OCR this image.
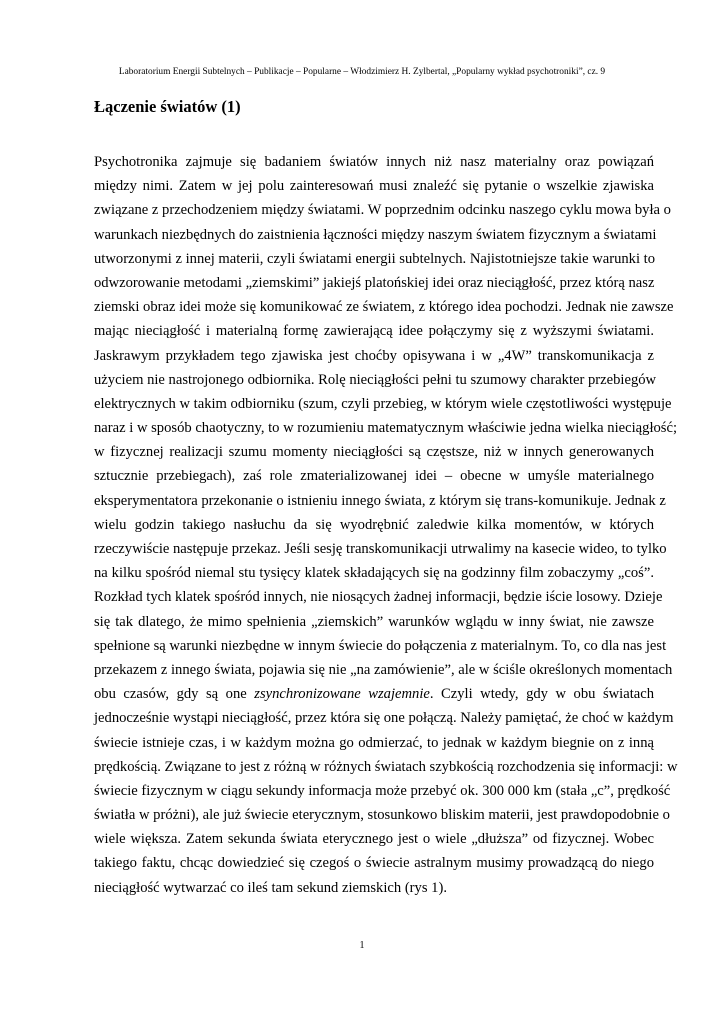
Laboratorium Energii Subtelnych – Publikacje – Popularne – Włodzimierz H. Zylbertal, „Popularny wykład psychotroniki”, cz. 9
Łączenie światów (1)
Psychotronika zajmuje się badaniem światów innych niż nasz materialny oraz powiązań
między nimi. Zatem w jej polu zainteresowań musi znaleźć się pytanie o wszelkie zjawiska
związane z przechodzeniem między światami. W poprzednim odcinku naszego cyklu mowa była o
warunkach niezbędnych do zaistnienia łączności między naszym światem fizycznym a światami
utworzonymi z innej materii, czyli światami energii subtelnych. Najistotniejsze takie warunki to
odwzorowanie metodami „ziemskimi” jakiejś platońskiej idei oraz nieciągłość, przez którą nasz
ziemski obraz idei może się komunikować ze światem, z którego idea pochodzi. Jednak nie zawsze
mając nieciągłość i materialną formę zawierającą idee połączymy się z wyższymi światami.
Jaskrawym przykładem tego zjawiska jest choćby opisywana i w „4W” transkomunikacja z
użyciem nie nastrojonego odbiornika. Rolę nieciągłości pełni tu szumowy charakter przebiegów
elektrycznych w takim odbiorniku (szum, czyli przebieg, w którym wiele częstotliwości występuje
naraz i w sposób chaotyczny, to w rozumieniu matematycznym właściwie jedna wielka nieciągłość;
w fizycznej realizacji szumu momenty nieciągłości są częstsze, niż w innych generowanych
sztucznie przebiegach), zaś role zmaterializowanej idei – obecne w umyśle materialnego
eksperymentatora przekonanie o istnieniu innego świata, z którym się trans-komunikuje. Jednak z
wielu godzin takiego nasłuchu da się wyodrębnić zaledwie kilka momentów, w których
rzeczywiście następuje przekaz. Jeśli sesję transkomunikacji utrwalimy na kasecie wideo, to tylko
na kilku spośród niemal stu tysięcy klatek składających się na godzinny film zobaczymy „coś”.
Rozkład tych klatek spośród innych, nie niosących żadnej informacji, będzie iście losowy. Dzieje
się tak dlatego, że mimo spełnienia „ziemskich” warunków wglądu w inny świat, nie zawsze
spełnione są warunki niezbędne w innym świecie do połączenia z materialnym. To, co dla nas jest
przekazem z innego świata, pojawia się nie „na zamówienie”, ale w ściśle określonych momentach
obu czasów, gdy są one zsynchronizowane wzajemnie. Czyli wtedy, gdy w obu światach
jednocześnie wystąpi nieciągłość, przez która się one połączą. Należy pamiętać, że choć w każdym
świecie istnieje czas, i w każdym można go odmierzać, to jednak w każdym biegnie on z inną
prędkością. Związane to jest z różną w różnych światach szybkością rozchodzenia się informacji: w
świecie fizycznym w ciągu sekundy informacja może przebyć ok. 300 000 km (stała „c”, prędkość
światła w próżni), ale już świecie eterycznym, stosunkowo bliskim materii, jest prawdopodobnie o
wiele większa. Zatem sekunda świata eterycznego jest o wiele „dłuższa” od fizycznej. Wobec
takiego faktu, chcąc dowiedzieć się czegoś o świecie astralnym musimy prowadzącą do niego
nieciągłość wytwarzać co ileś tam sekund ziemskich (rys 1).
1
